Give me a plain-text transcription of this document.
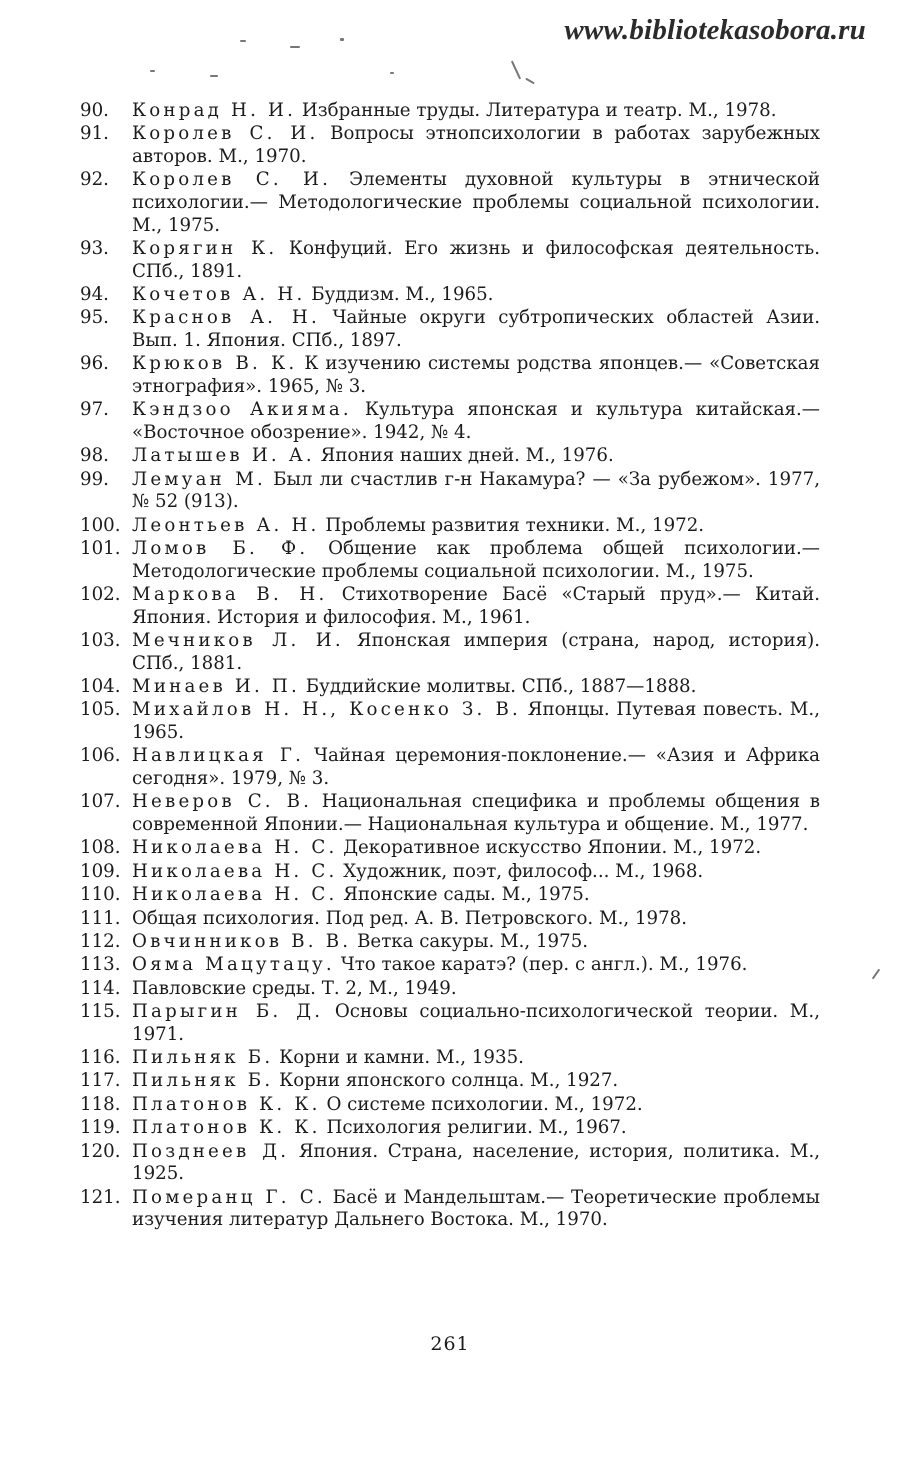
www.bibliotekasobora.ru
90.	Конрад Н. И. Избранные труды. Литература и театр. М., 1978.
91.	Королев С. И. Вопросы этнопсихологии в работах зарубежных авторов. М., 1970.
92.	Королев С. И. Элементы духовной культуры в этнической психологии.— Методологические проблемы социальной психологии. М., 1975.
93.	Корягин К. Конфуций. Его жизнь и философская деятельность. СПб., 1891.
94.	Кочетов А. Н. Буддизм. М., 1965.
95.	Краснов А. Н. Чайные округи субтропических областей Азии. Вып. 1. Япония. СПб., 1897.
96.	Крюков В. К. К изучению системы родства японцев.— «Советская этнография». 1965, № 3.
97.	Кэндзоо Акияма. Культура японская и культура китайская.— «Восточное обозрение». 1942, № 4.
98.	Латышев И. А. Япония наших дней. М., 1976.
99.	Лемуан М. Был ли счастлив г-н Накамура? — «За рубежом». 1977, № 52 (913).
100. Леонтьев А. Н. Проблемы развития техники. М., 1972.
101. Ломов Б. Ф. Общение как проблема общей психологии.— Методологические проблемы социальной психологии. М., 1975.
102. Маркова В. Н. Стихотворение Басё «Старый пруд».— Китай. Япония. История и философия. М., 1961.
103. Мечников Л. И. Японская империя (страна, народ, история). СПб., 1881.
104. Минаев И. П. Буддийские молитвы. СПб., 1887—1888.
105. Михайлов Н. Н., Косенко З. В. Японцы. Путевая повесть. М., 1965.
106. Навлицкая Г. Чайная церемония-поклонение.— «Азия и Африка сегодня». 1979, № 3.
107. Неверов С. В. Национальная специфика и проблемы общения в современной Японии.— Национальная культура и общение. М., 1977.
108. Николаева Н. С. Декоративное искусство Японии. М., 1972.
109. Николаева Н. С. Художник, поэт, философ... М., 1968.
110. Николаева Н. С. Японские сады. М., 1975.
111. Общая психология. Под ред. А. В. Петровского. М., 1978.
112. Овчинников В. В. Ветка сакуры. М., 1975.
113. Ояма Мацутацу. Что такое каратэ? (пер. с англ.). М., 1976.
114. Павловские среды. Т. 2, М., 1949.
115. Парыгин Б. Д. Основы социально-психологической теории. М., 1971.
116. Пильняк Б. Корни и камни. М., 1935.
117. Пильняк Б. Корни японского солнца. М., 1927.
118. Платонов К. К. О системе психологии. М., 1972.
119. Платонов К. К. Психология религии. М., 1967.
120. Позднеев Д. Япония. Страна, население, история, политика. М., 1925.
121. Померанц Г. С. Басё и Мандельштам.— Теоретические проблемы изучения литератур Дальнего Востока. М., 1970.
261
